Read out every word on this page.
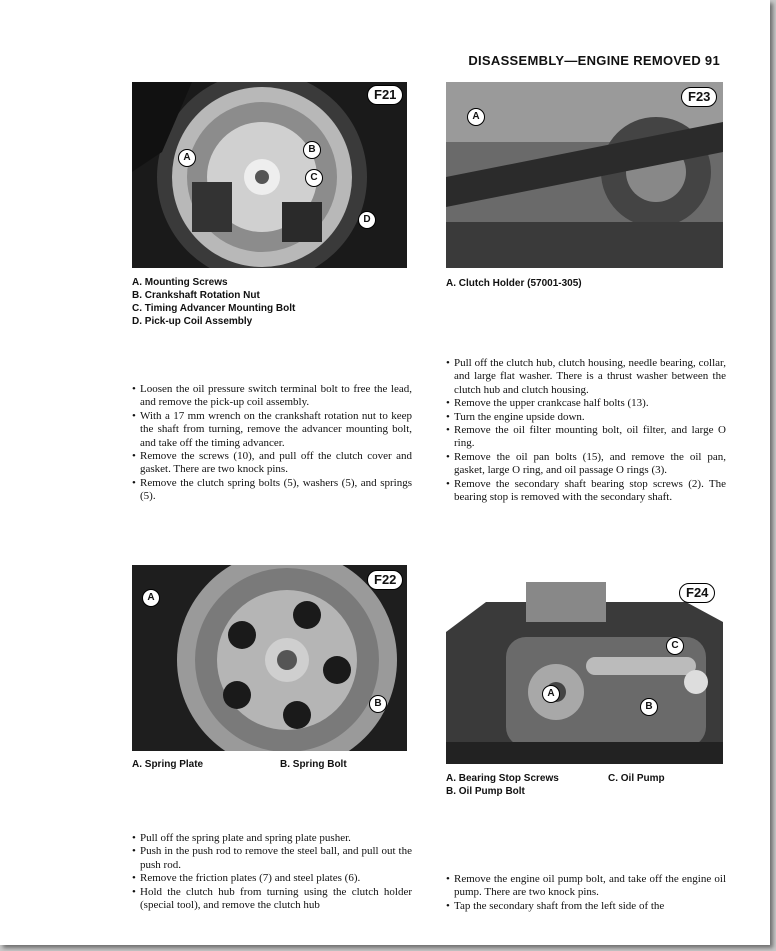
DISASSEMBLY—ENGINE REMOVED 91
F21
A
B
C
D
F23
A
A. Mounting Screws
B. Crankshaft Rotation Nut
C. Timing Advancer Mounting Bolt
D. Pick-up Coil Assembly
A. Clutch Holder (57001-305)

• Loosen the oil pressure switch terminal bolt to free the lead, and remove the pick-up coil assembly.

• With a 17 mm wrench on the crankshaft rotation nut to keep the shaft from turning, remove the advancer mounting bolt, and take off the timing advancer.

• Remove the screws (10), and pull off the clutch cover and gasket. There are two knock pins.

• Remove the clutch spring bolts (5), washers (5), and springs (5).

• Pull off the clutch hub, clutch housing, needle bearing, collar, and large flat washer. There is a thrust washer between the clutch hub and clutch housing.

• Remove the upper crankcase half bolts (13).

• Turn the engine upside down.

• Remove the oil filter mounting bolt, oil filter, and large O ring.

• Remove the oil pan bolts (15), and remove the oil pan, gasket, large O ring, and oil passage O rings (3).

• Remove the secondary shaft bearing stop screws (2). The bearing stop is removed with the secondary shaft.

F22
A
B
F24
A
B
C
A. Spring Plate	B. Spring Bolt
A. Bearing Stop Screws	C. Oil Pump
B. Oil Pump Bolt

• Pull off the spring plate and spring plate pusher.

• Push in the push rod to remove the steel ball, and pull out the push rod.

• Remove the friction plates (7) and steel plates (6).

• Hold the clutch hub from turning using the clutch holder (special tool), and remove the clutch hub

• Remove the engine oil pump bolt, and take off the engine oil pump. There are two knock pins.

• Tap the secondary shaft from the left side of the
